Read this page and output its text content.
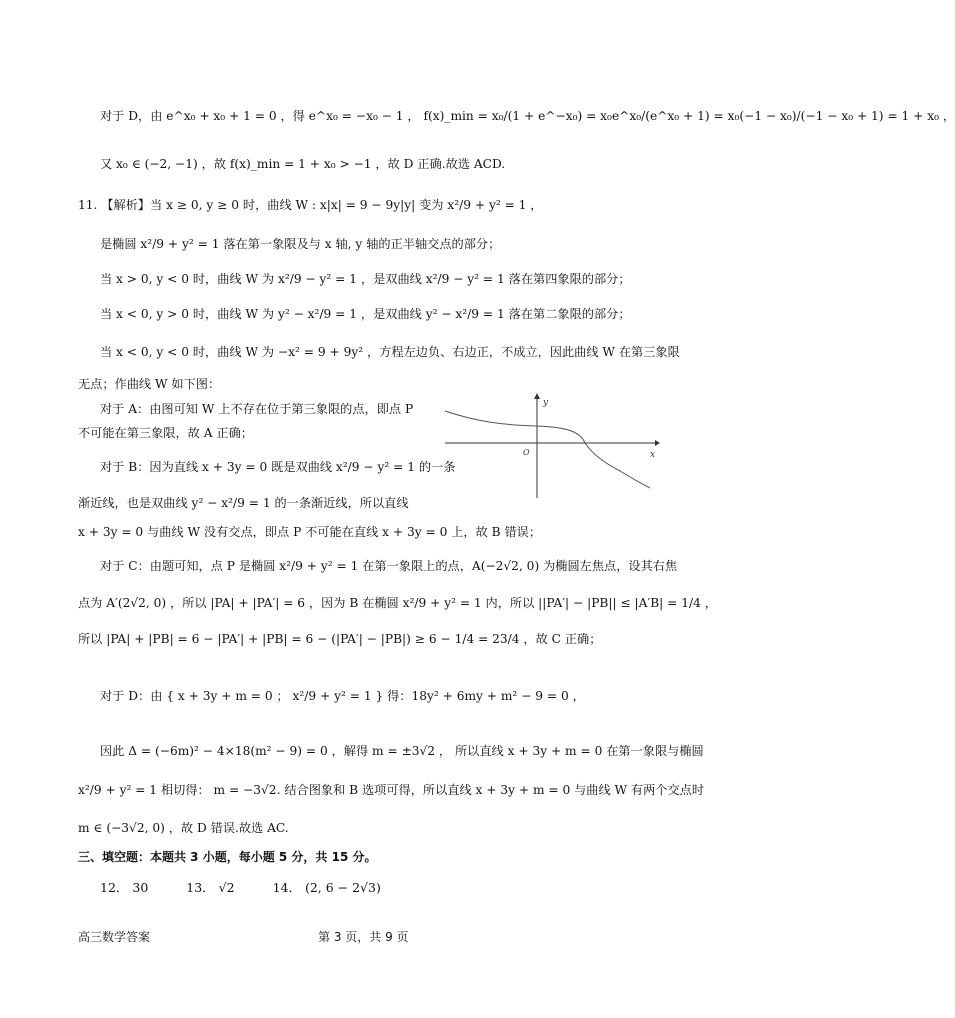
对于 D，由 e^x₀ + x₀ + 1 = 0 ，得 e^x₀ = −x₀ − 1 ， f(x)_min = x₀/(1 + e^−x₀) = x₀e^x₀/(e^x₀ + 1) = x₀(−1 − x₀)/(−1 − x₀ + 1) = 1 + x₀ ，
又 x₀ ∈ (−2, −1) ，故 f(x)_min = 1 + x₀ > −1 ，故 D 正确.故选 ACD.
11. 【解析】当 x ≥ 0, y ≥ 0 时，曲线 W : x|x| = 9 − 9y|y| 变为 x²/9 + y² = 1 ，
是椭圆 x²/9 + y² = 1 落在第一象限及与 x 轴, y 轴的正半轴交点的部分；
当 x > 0, y < 0 时，曲线 W 为 x²/9 − y² = 1 ，是双曲线 x²/9 − y² = 1 落在第四象限的部分；
当 x < 0, y > 0 时，曲线 W 为 y² − x²/9 = 1 ，是双曲线 y² − x²/9 = 1 落在第二象限的部分；
当 x < 0, y < 0 时，曲线 W 为 −x² = 9 + 9y² ，方程左边负、右边正，不成立，因此曲线 W 在第三象限
无点；作曲线 W 如下图：
对于 A：由图可知 W 上不存在位于第三象限的点，即点 P
不可能在第三象限，故 A 正确；
对于 B：因为直线 x + 3y = 0 既是双曲线 x²/9 − y² = 1 的一条
渐近线，也是双曲线 y² − x²/9 = 1 的一条渐近线，所以直线
x + 3y = 0 与曲线 W 没有交点，即点 P 不可能在直线 x + 3y = 0 上，故 B 错误；
对于 C：由题可知，点 P 是椭圆 x²/9 + y² = 1 在第一象限上的点，A(−2√2, 0) 为椭圆左焦点，设其右焦
点为 A′(2√2, 0) ，所以 |PA| + |PA′| = 6 ，因为 B 在椭圆 x²/9 + y² = 1 内，所以 ||PA′| − |PB|| ≤ |A′B| = 1/4 ，
所以 |PA| + |PB| = 6 − |PA′| + |PB| = 6 − (|PA′| − |PB|) ≥ 6 − 1/4 = 23/4 ，故 C 正确；
对于 D：由 { x + 3y + m = 0 ； x²/9 + y² = 1 } 得：18y² + 6my + m² − 9 = 0 ，
因此 Δ = (−6m)² − 4×18(m² − 9) = 0 ，解得 m = ±3√2 ， 所以直线 x + 3y + m = 0 在第一象限与椭圆
x²/9 + y² = 1 相切得： m = −3√2. 结合图象和 B 选项可得，所以直线 x + 3y + m = 0 与曲线 W 有两个交点时
m ∈ (−3√2, 0) ，故 D 错误.故选 AC.
三、填空题：本题共 3 小题，每小题 5 分，共 15 分。
12． 30	13． √2	14． (2, 6 − 2√3)
高三数学答案	第 3 页，共 9 页
y
x
O
